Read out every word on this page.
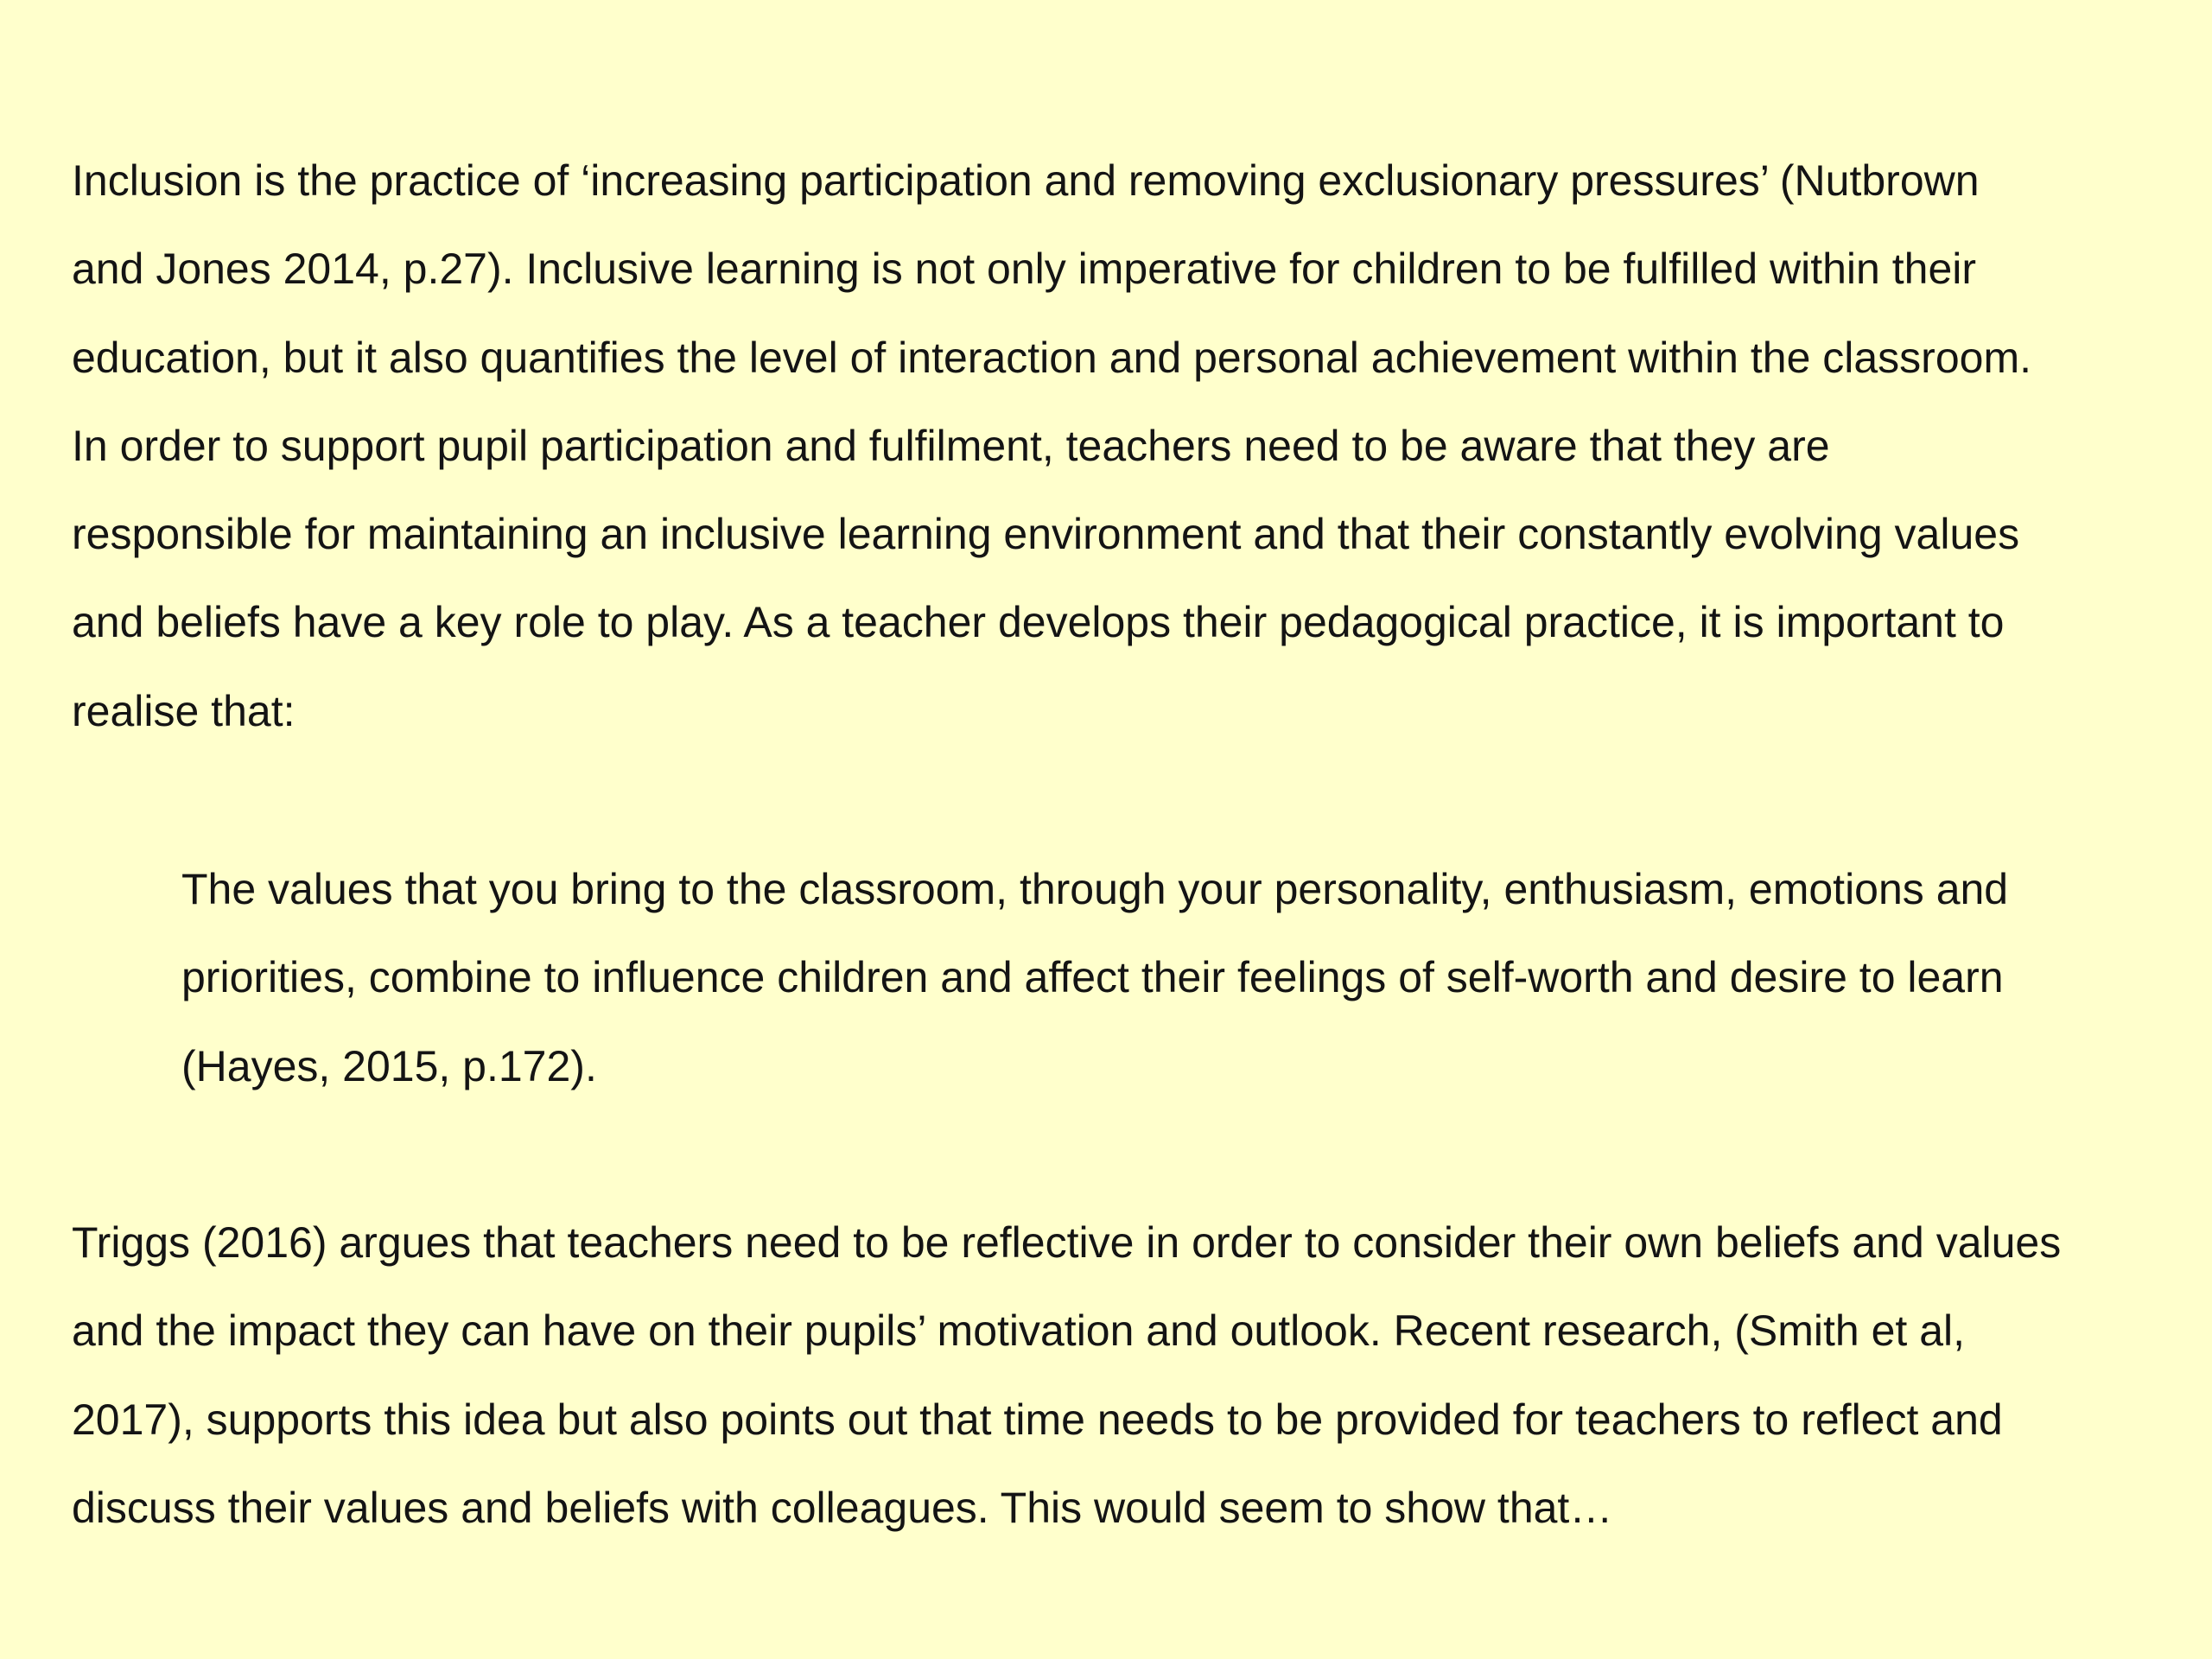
Inclusion is the practice of ‘increasing participation and removing exclusionary pressures’ (Nutbrown
and Jones 2014, p.27). Inclusive learning is not only imperative for children to be fulfilled within their
education, but it also quantifies the level of interaction and personal achievement within the classroom.
In order to support pupil participation and fulfilment, teachers need to be aware that they are
responsible for maintaining an inclusive learning environment and that their constantly evolving values
and beliefs have a key role to play. As a teacher develops their pedagogical practice, it is important to
realise that:

The values that you bring to the classroom, through your personality, enthusiasm, emotions and
priorities, combine to influence children and affect their feelings of self-worth and desire to learn
(Hayes, 2015, p.172).

Triggs (2016) argues that teachers need to be reflective in order to consider their own beliefs and values
and the impact they can have on their pupils’ motivation and outlook. Recent research, (Smith et al,
2017), supports this idea but also points out that time needs to be provided for teachers to reflect and
discuss their values and beliefs with colleagues. This would seem to show that…
